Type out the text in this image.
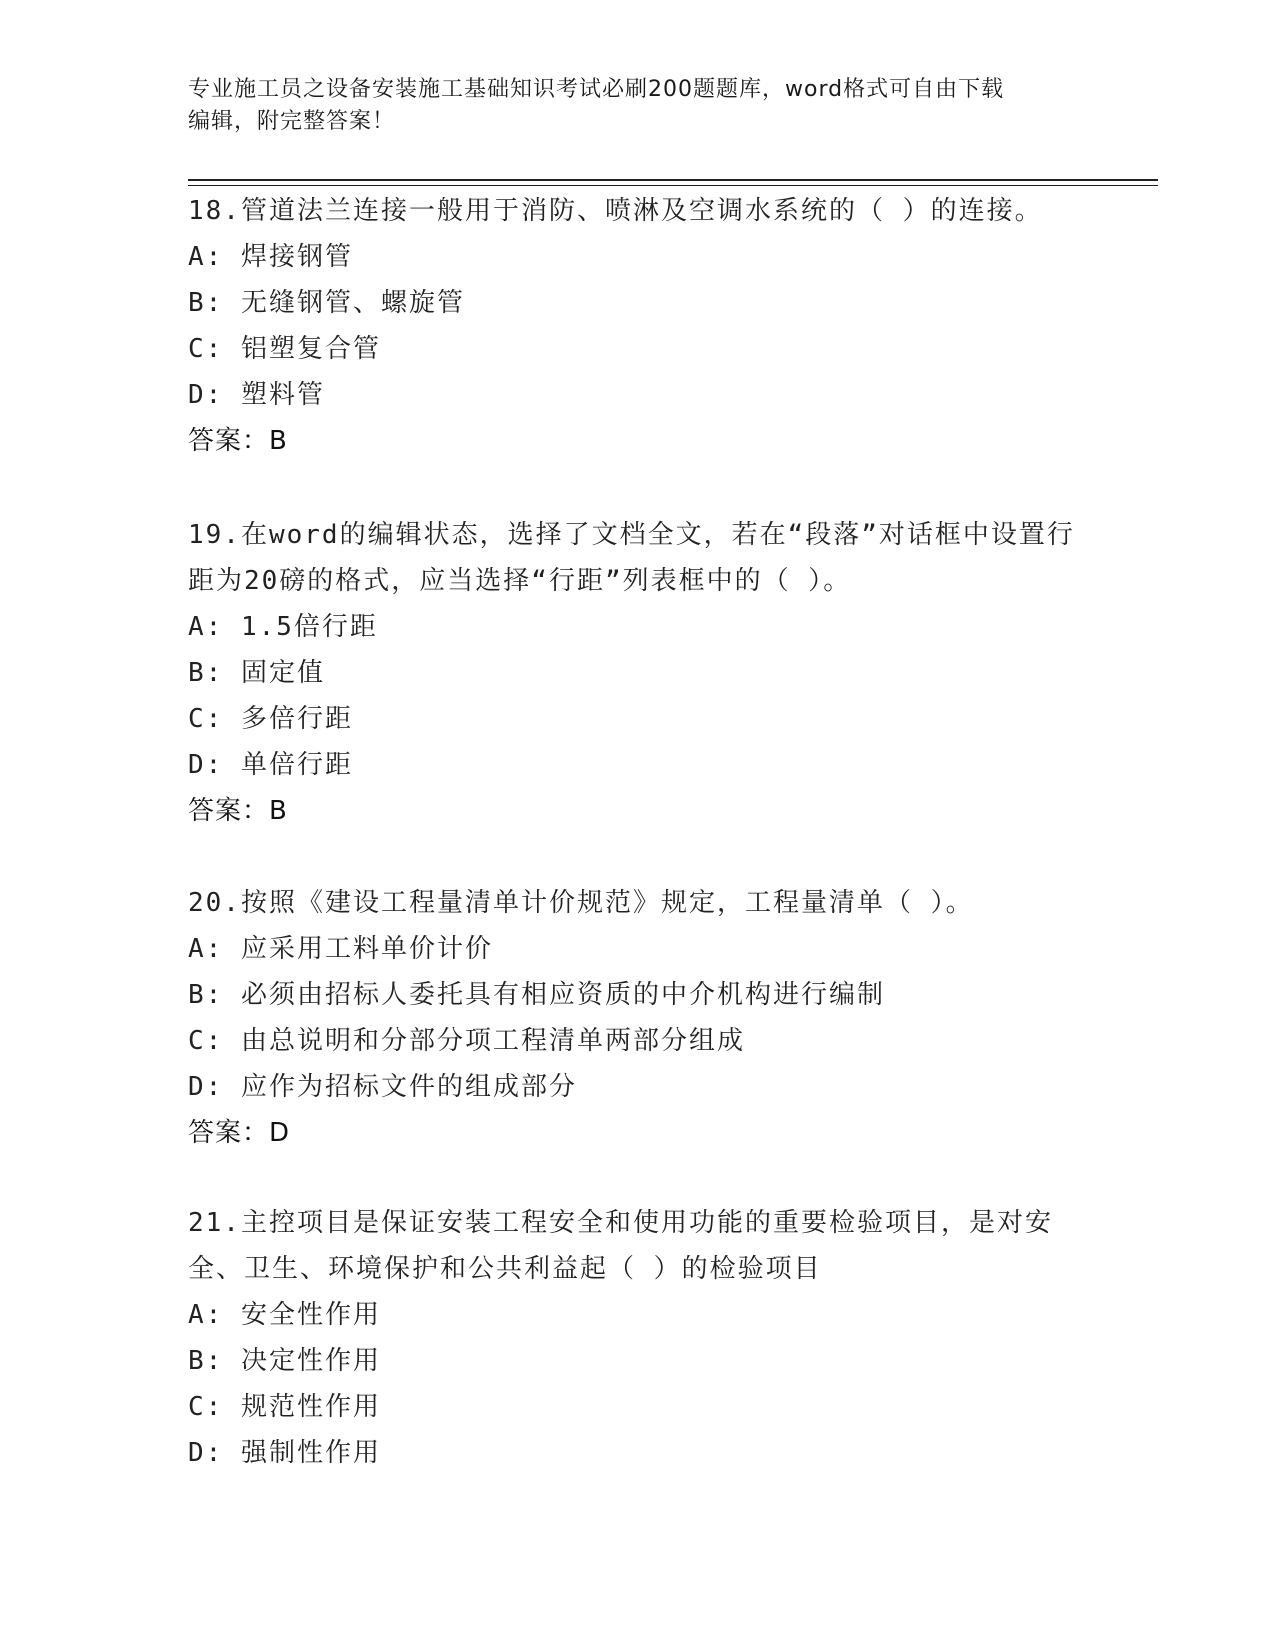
专业施工员之设备安装施工基础知识考试必刷200题题库，word格式可自由下载
编辑，附完整答案！

18.管道法兰连接一般用于消防、喷淋及空调水系统的（ ）的连接。

A: 焊接钢管

B: 无缝钢管、螺旋管

C: 铝塑复合管

D: 塑料管

答案：B

19.在word的编辑状态，选择了文档全文，若在“段落”对话框中设置行距为20磅的格式，应当选择“行距”列表框中的（ ）。

A: 1.5倍行距

B: 固定值

C: 多倍行距

D: 单倍行距

答案：B

20.按照《建设工程量清单计价规范》规定，工程量清单（ ）。

A: 应采用工料单价计价

B: 必须由招标人委托具有相应资质的中介机构进行编制

C: 由总说明和分部分项工程清单两部分组成

D: 应作为招标文件的组成部分

答案：D

21.主控项目是保证安装工程安全和使用功能的重要检验项目，是对安全、卫生、环境保护和公共利益起（ ）的检验项目

A: 安全性作用

B: 决定性作用

C: 规范性作用

D: 强制性作用
